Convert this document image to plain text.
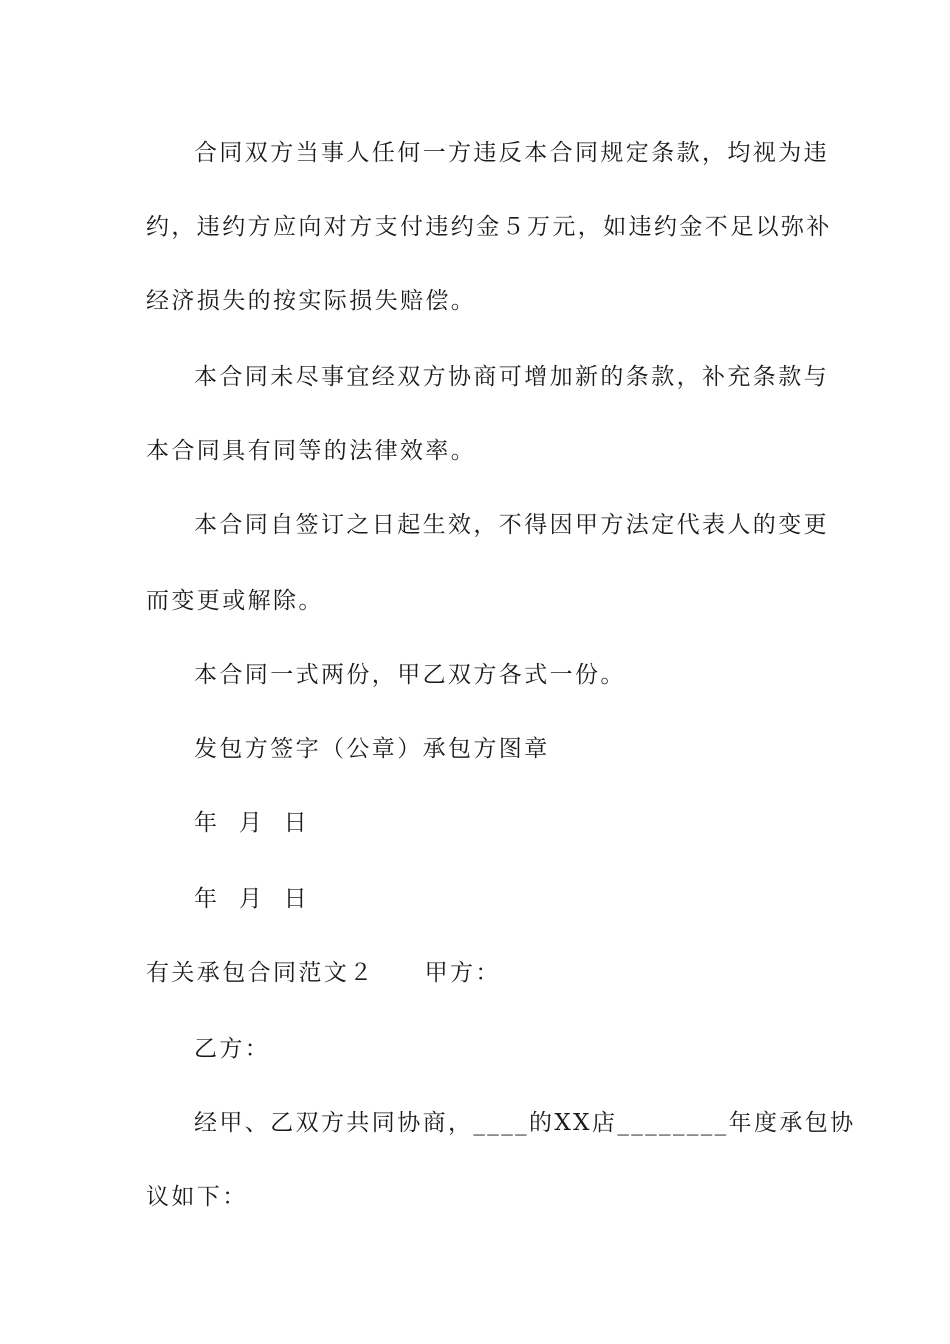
合同双方当事人任何一方违反本合同规定条款，均视为违
约，违约方应向对方支付违约金５万元，如违约金不足以弥补
经济损失的按实际损失赔偿。
本合同未尽事宜经双方协商可增加新的条款，补充条款与
本合同具有同等的法律效率。
本合同自签订之日起生效，不得因甲方法定代表人的变更
而变更或解除。
本合同一式两份，甲乙双方各式一份。
发包方签字（公章）承包方图章
年  月  日
年  月  日
有关承包合同范文２ 甲方：
乙方：
经甲、乙双方共同协商，____的XX店________年度承包协
议如下：
